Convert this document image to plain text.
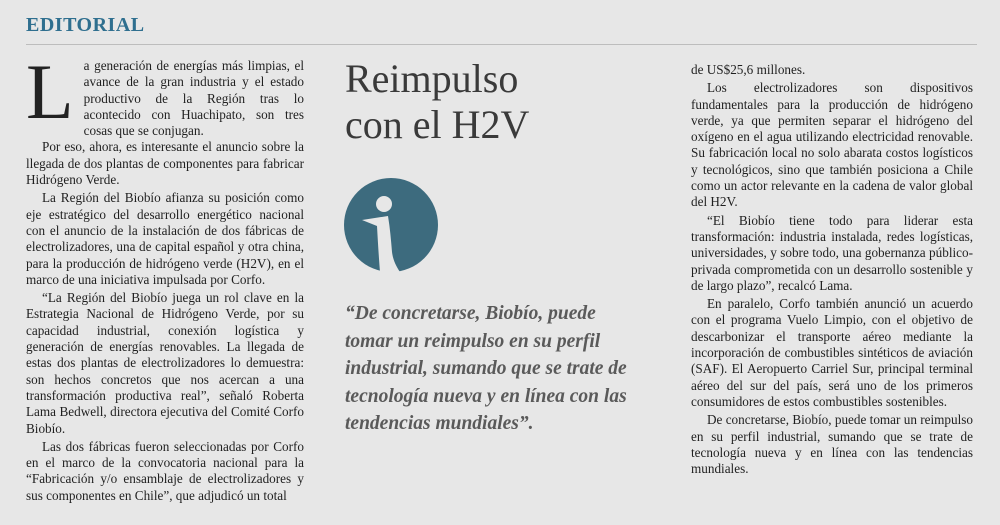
EDITORIAL
L a generación de energías más limpias, el avance de la gran industria y el estado productivo de la Región tras lo acontecido con Huachipato, son tres cosas que se conjugan.

Por eso, ahora, es interesante el anuncio sobre la llegada de dos plantas de componentes para fabricar Hidrógeno Verde.

La Región del Biobío afianza su posición como eje estratégico del desarrollo energético nacional con el anuncio de la instalación de dos fábricas de electrolizadores, una de capital español y otra china, para la producción de hidrógeno verde (H2V), en el marco de una iniciativa impulsada por Corfo.

“La Región del Biobío juega un rol clave en la Estrategia Nacional de Hidrógeno Verde, por su capacidad industrial, conexión logística y generación de energías renovables. La llegada de estas dos plantas de electrolizadores lo demuestra: son hechos concretos que nos acercan a una transformación productiva real”, señaló Roberta Lama Bedwell, directora ejecutiva del Comité Corfo Biobío.

Las dos fábricas fueron seleccionadas por Corfo en el marco de la convocatoria nacional para la “Fabricación y/o ensamblaje de electrolizadores y sus componentes en Chile”, que adjudicó un total

Reimpulso
con el H2V

“De concretarse, Biobío, puede tomar un reimpulso en su perfil industrial, sumando que se trate de tecnología nueva y en línea con las tendencias mundiales”.

de US$25,6 millones.

Los electrolizadores son dispositivos fundamentales para la producción de hidrógeno verde, ya que permiten separar el hidrógeno del oxígeno en el agua utilizando electricidad renovable. Su fabricación local no solo abarata costos logísticos y tecnológicos, sino que también posiciona a Chile como un actor relevante en la cadena de valor global del H2V.

“El Biobío tiene todo para liderar esta transformación: industria instalada, redes logísticas, universidades, y sobre todo, una gobernanza público-privada comprometida con un desarrollo sostenible y de largo plazo”, recalcó Lama.

En paralelo, Corfo también anunció un acuerdo con el programa Vuelo Limpio, con el objetivo de descarbonizar el transporte aéreo mediante la incorporación de combustibles sintéticos de aviación (SAF). El Aeropuerto Carriel Sur, principal terminal aéreo del sur del país, será uno de los primeros consumidores de estos combustibles sostenibles.

De concretarse, Biobío, puede tomar un reimpulso en su perfil industrial, sumando que se trate de tecnología nueva y en línea con las tendencias mundiales.
